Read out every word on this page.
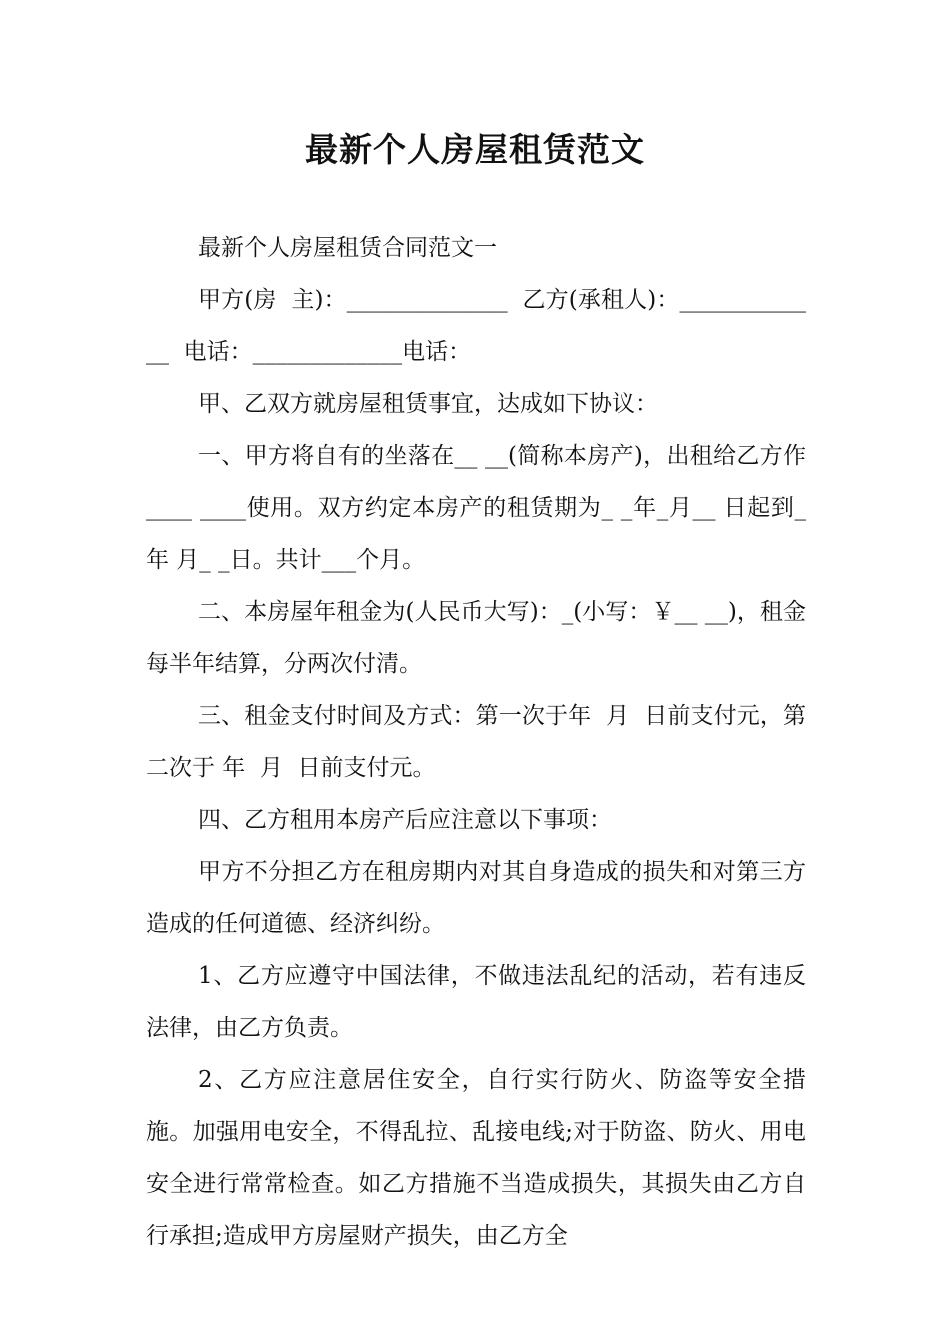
最新个人房屋租赁范文

最新个人房屋租赁合同范文一

甲方(房  主)：______________  乙方(承租人)：_____________  电话：_____________电话：

甲、乙双方就房屋租赁事宜，达成如下协议：

一、甲方将自有的坐落在__ __(简称本房产)，出租给乙方作____ ____使用。双方约定本房产的租赁期为_ _年_月__ 日起到_年 月_ _日。共计___个月。

二、本房屋年租金为(人民币大写)：_(小写：￥__ __)，租金每半年结算，分两次付清。

三、租金支付时间及方式：第一次于年  月  日前支付元，第二次于 年  月  日前支付元。

四、乙方租用本房产后应注意以下事项：

甲方不分担乙方在租房期内对其自身造成的损失和对第三方造成的任何道德、经济纠纷。

1、乙方应遵守中国法律，不做违法乱纪的活动，若有违反法律，由乙方负责。

2、乙方应注意居住安全，自行实行防火、防盗等安全措施。加强用电安全，不得乱拉、乱接电线;对于防盗、防火、用电安全进行常常检查。如乙方措施不当造成损失，其损失由乙方自行承担;造成甲方房屋财产损失，由乙方全
